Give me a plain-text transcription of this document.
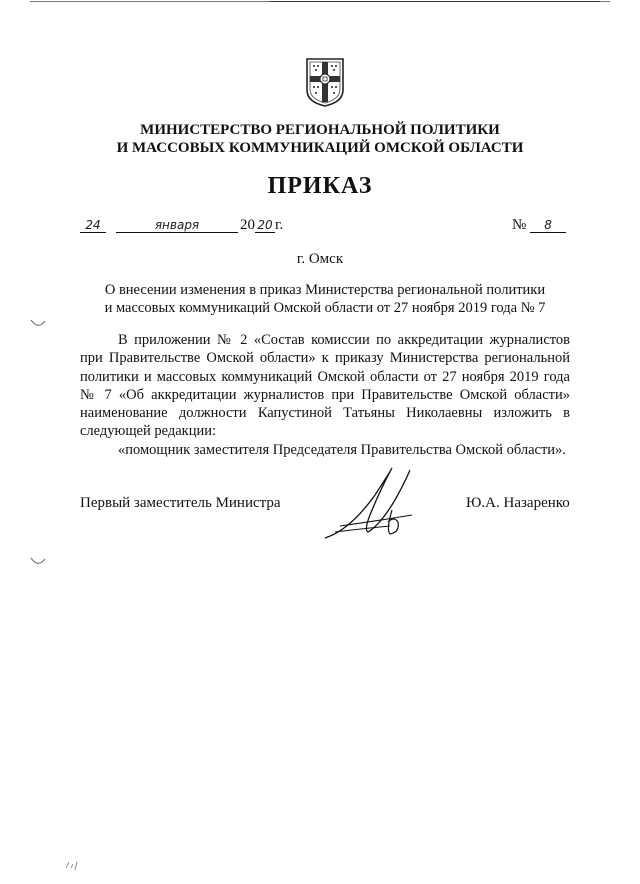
МИНИСТЕРСТВО РЕГИОНАЛЬНОЙ ПОЛИТИКИ
И МАССОВЫХ КОММУНИКАЦИЙ ОМСКОЙ ОБЛАСТИ
ПРИКАЗ
24	января	20 20 г.	№ 8
г. Омск
О внесении изменения в приказ Министерства региональной политики
и массовых коммуникаций Омской области от 27 ноября 2019 года № 7

В приложении № 2 «Состав комиссии по аккредитации журналистов при Правительстве Омской области» к приказу Министерства региональной политики и массовых коммуникаций Омской области от 27 ноября 2019 года № 7 «Об аккредитации журналистов при Правительстве Омской области» наименование должности Капустиной Татьяны Николаевны изложить в следующей редакции:

«помощник заместителя Председателя Правительства Омской области».

Первый заместитель Министра	Ю.А. Назаренко
